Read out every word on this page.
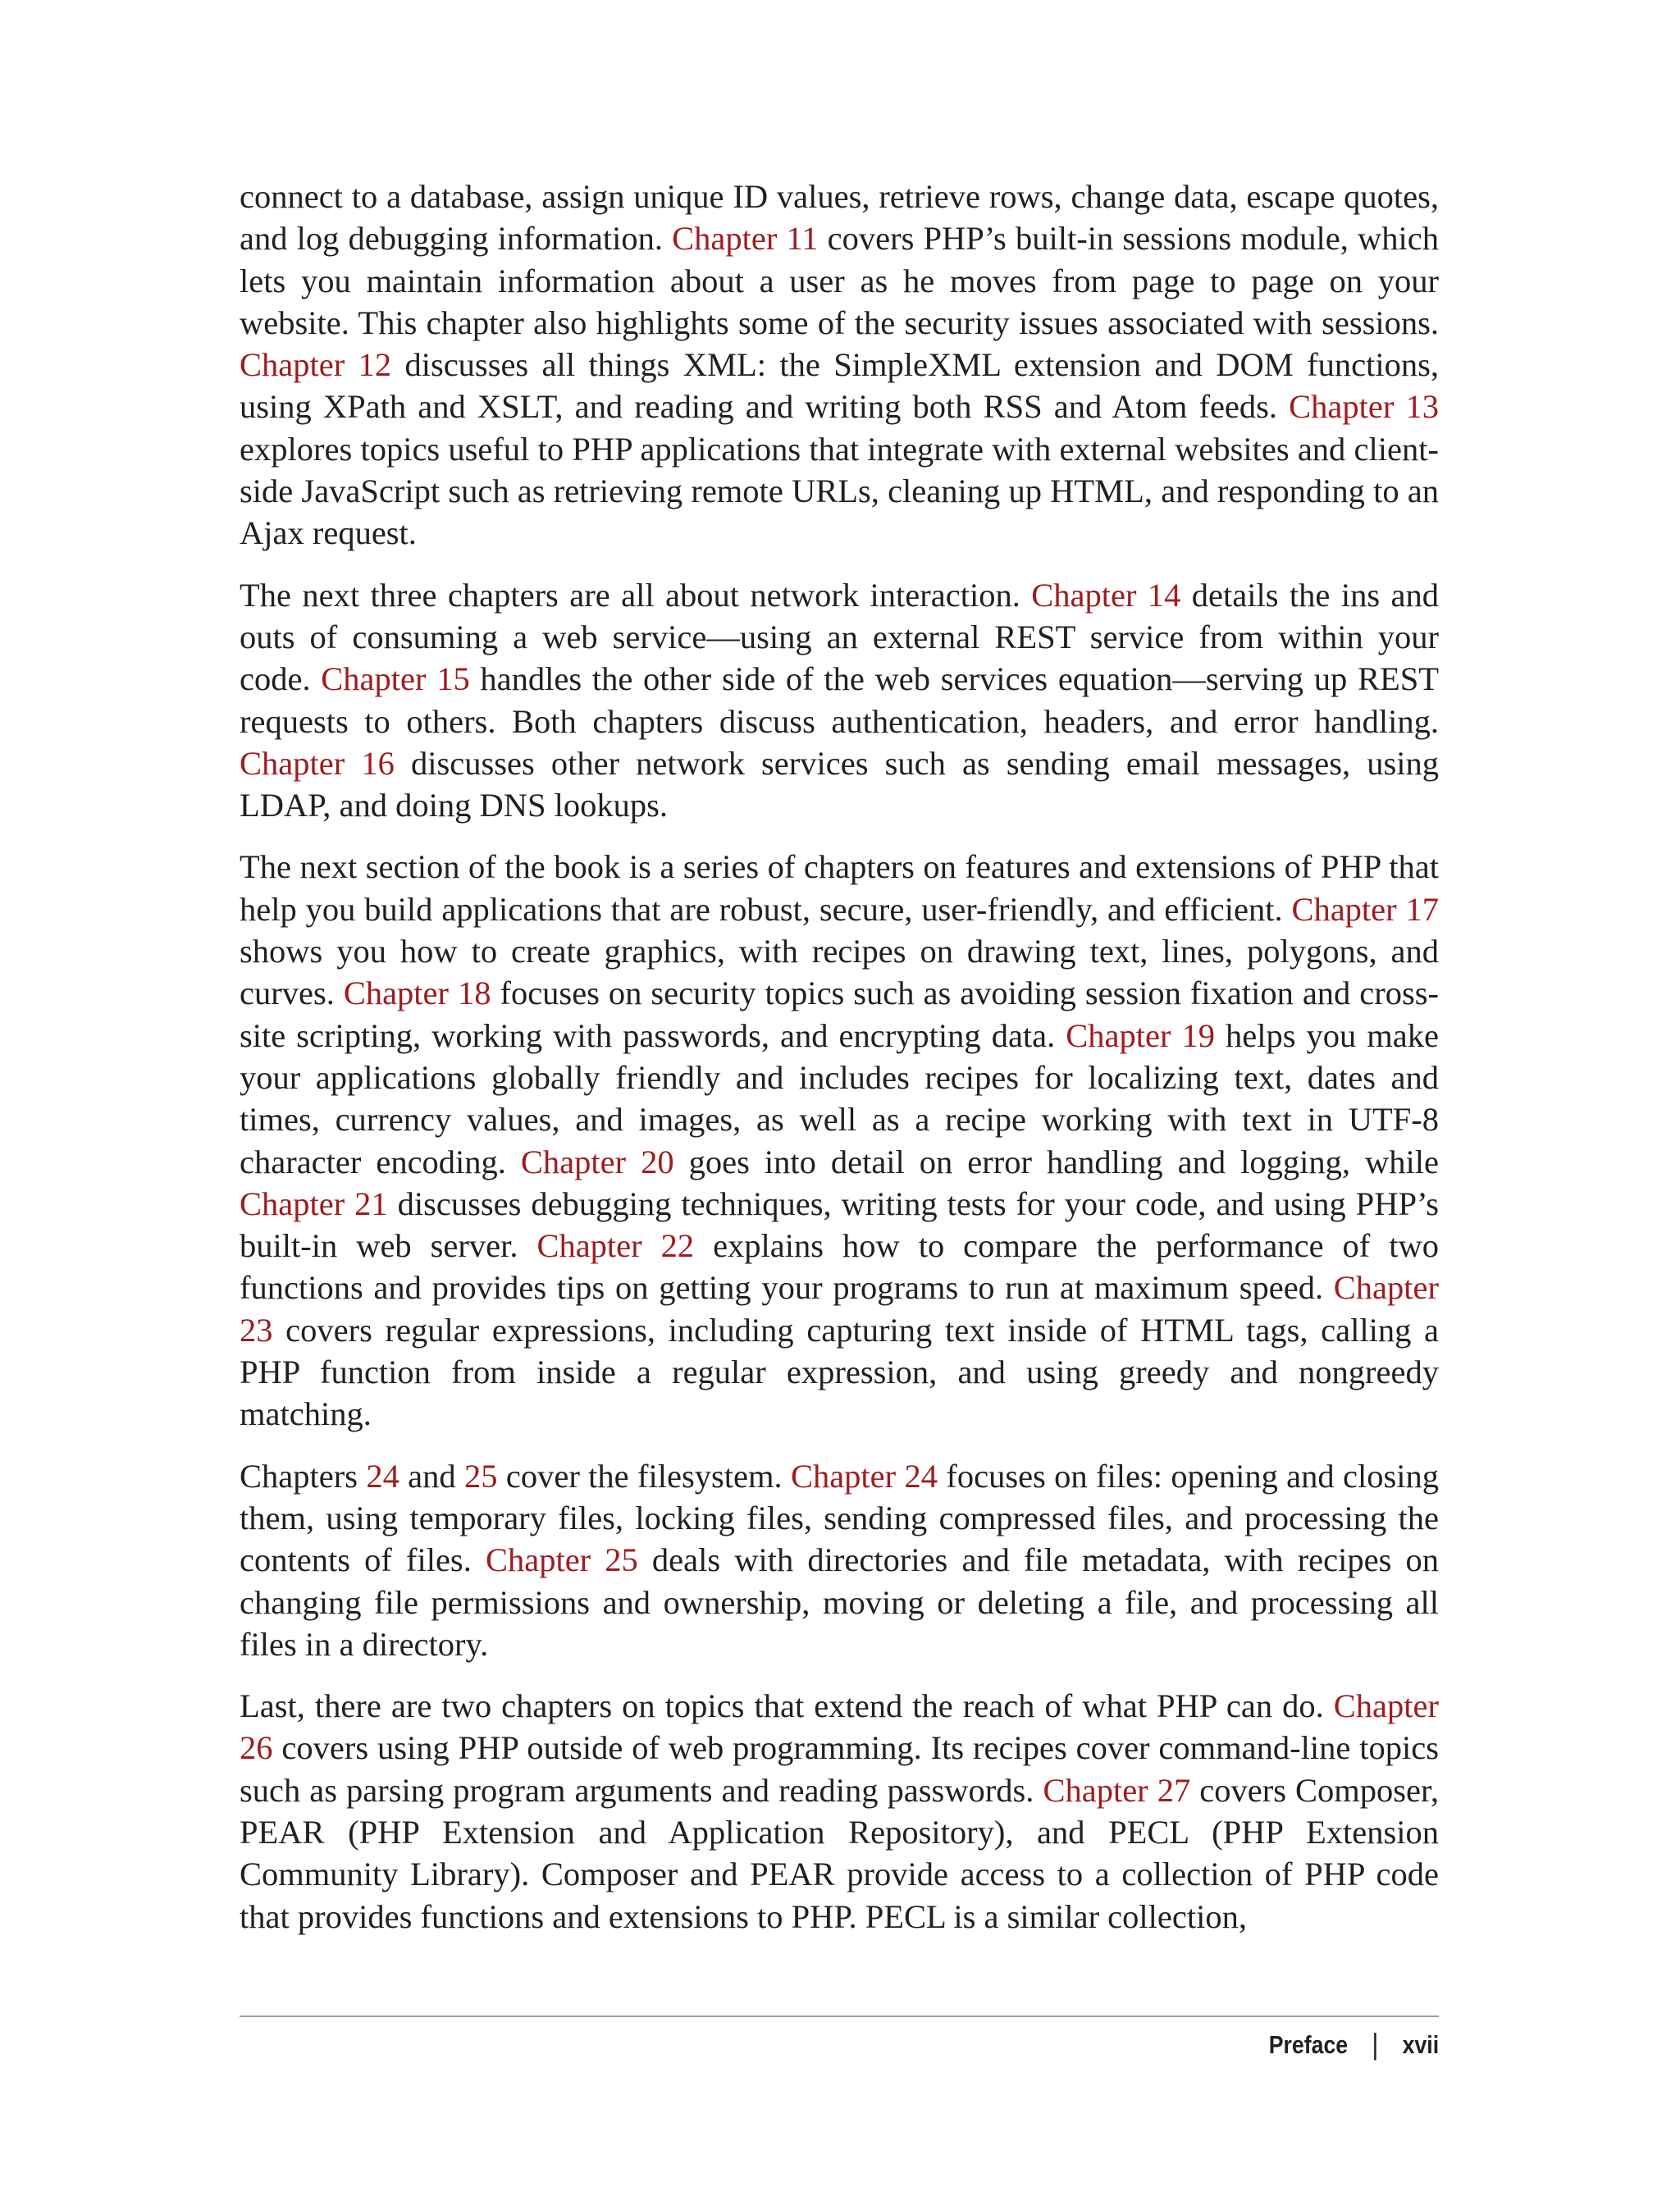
connect to a database, assign unique ID values, retrieve rows, change data, escape quotes, and log debugging information. Chapter 11 covers PHP’s built-in sessions module, which lets you maintain information about a user as he moves from page to page on your website. This chapter also highlights some of the security issues associated with sessions. Chapter 12 discusses all things XML: the SimpleXML extension and DOM functions, using XPath and XSLT, and reading and writing both RSS and Atom feeds. Chapter 13 explores topics useful to PHP applications that integrate with external websites and client-side JavaScript such as retrieving remote URLs, cleaning up HTML, and responding to an Ajax request.

The next three chapters are all about network interaction. Chapter 14 details the ins and outs of consuming a web service—using an external REST service from within your code. Chapter 15 handles the other side of the web services equation—serving up REST requests to others. Both chapters discuss authentication, headers, and error handling. Chapter 16 discusses other network services such as sending email messages, using LDAP, and doing DNS lookups.

The next section of the book is a series of chapters on features and extensions of PHP that help you build applications that are robust, secure, user-friendly, and efficient. Chapter 17 shows you how to create graphics, with recipes on drawing text, lines, polygons, and curves. Chapter 18 focuses on security topics such as avoiding session fixation and cross-site scripting, working with passwords, and encrypting data. Chapter 19 helps you make your applications globally friendly and includes recipes for localizing text, dates and times, currency values, and images, as well as a recipe working with text in UTF-8 character encoding. Chapter 20 goes into detail on error handling and logging, while Chapter 21 discusses debugging techniques, writing tests for your code, and using PHP’s built-in web server. Chapter 22 explains how to compare the performance of two functions and provides tips on getting your programs to run at maximum speed. Chapter 23 covers regular expressions, including capturing text inside of HTML tags, calling a PHP function from inside a regular expression, and using greedy and nongreedy matching.

Chapters 24 and 25 cover the filesystem. Chapter 24 focuses on files: opening and closing them, using temporary files, locking files, sending compressed files, and processing the contents of files. Chapter 25 deals with directories and file metadata, with recipes on changing file permissions and ownership, moving or deleting a file, and processing all files in a directory.

Last, there are two chapters on topics that extend the reach of what PHP can do. Chapter 26 covers using PHP outside of web programming. Its recipes cover command-line topics such as parsing program arguments and reading passwords. Chapter 27 covers Composer, PEAR (PHP Extension and Application Repository), and PECL (PHP Extension Community Library). Composer and PEAR provide access to a collection of PHP code that provides functions and extensions to PHP. PECL is a similar collection,

Preface | xvii
